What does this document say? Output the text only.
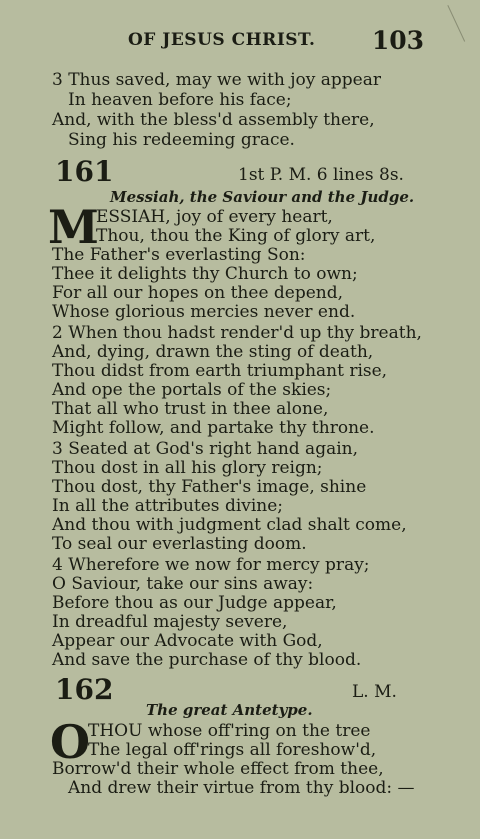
OF JESUS CHRIST. 103
3 Thus saved, may we with joy appear
In heaven before his face;
And, with the bless'd assembly there,
Sing his redeeming grace.
161	1st P. M. 6 lines 8s.
Messiah, the Saviour and the Judge.
M
ESSIAH, joy of every heart,
Thou, thou the King of glory art,
The Father's everlasting Son:
Thee it delights thy Church to own;
For all our hopes on thee depend,
Whose glorious mercies never end.
2 When thou hadst render'd up thy breath,
And, dying, drawn the sting of death,
Thou didst from earth triumphant rise,
And ope the portals of the skies;
That all who trust in thee alone,
Might follow, and partake thy throne.
3 Seated at God's right hand again,
Thou dost in all his glory reign;
Thou dost, thy Father's image, shine
In all the attributes divine;
And thou with judgment clad shalt come,
To seal our everlasting doom.
4 Wherefore we now for mercy pray;
O Saviour, take our sins away:
Before thou as our Judge appear,
In dreadful majesty severe,
Appear our Advocate with God,
And save the purchase of thy blood.
162	L. M.
The great Antetype.
O
THOU whose off'ring on the tree
The legal off'rings all foreshow'd,
Borrow'd their whole effect from thee,
And drew their virtue from thy blood: —
